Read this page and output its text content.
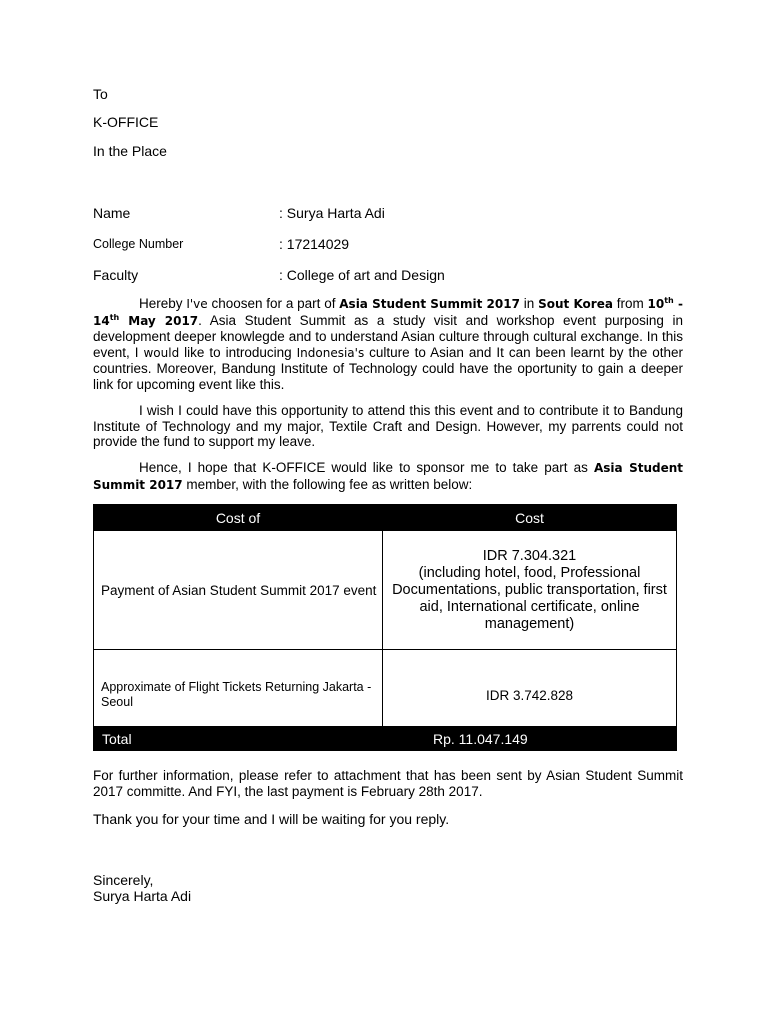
To
K-OFFICE
In the Place
Name	: Surya Harta Adi
College Number	: 17214029
Faculty	: College of art and Design

Hereby I've choosen for a part of Asia Student Summit 2017 in Sout Korea from 10th - 14th May 2017. Asia Student Summit as a study visit and workshop event purposing in development deeper knowlegde and to understand Asian culture through cultural exchange. In this event, I would like to introducing Indonesia's culture to Asian and It can been learnt by the other countries. Moreover, Bandung Institute of Technology could have the oportunity to gain a deeper link for upcoming event like this.

I wish I could have this opportunity to attend this this event and to contribute it to Bandung Institute of Technology and my major, Textile Craft and Design. However, my parrents could not provide the fund to support my leave.

Hence, I hope that K-OFFICE would like to sponsor me to take part as Asia Student Summit 2017 member, with the following fee as written below:

Cost of	Cost
Payment of Asian Student Summit 2017 event	IDR 7.304.321
(including hotel, food, Professional Documentations, public transportation, first aid, International certificate, online management)

Approximate of Flight Tickets Returning Jakarta - Seoul	IDR 3.742.828
Total	Rp. 11.047.149
For further information, please refer to attachment that has been sent by Asian Student Summit 2017 committe. And FYI, the last payment is February 28th 2017.
Thank you for your time and I will be waiting for you reply.
Sincerely,
Surya Harta Adi
